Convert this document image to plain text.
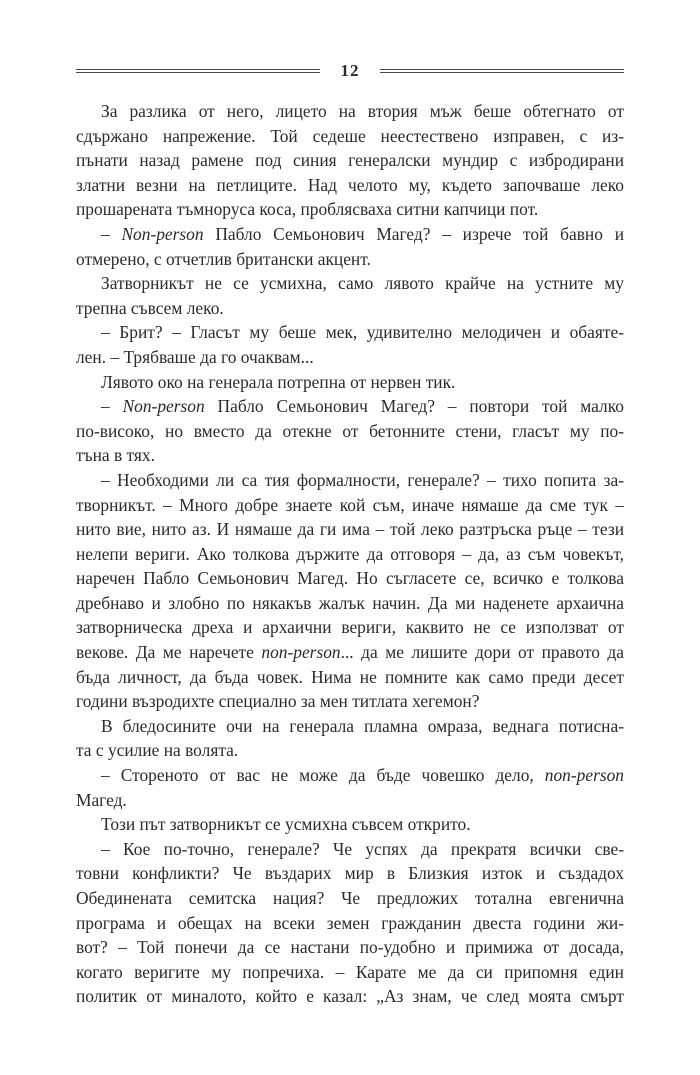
12
За разлика от него, лицето на втория мъж беше обтегнато от
сдържано напрежение. Той седеше неестествено изправен, с из-
пънати назад рамене под синия генералски мундир с избродирани
златни везни на петлиците. Над челото му, където започваше леко
прошарената тъмноруса коса, проблясваха ситни капчици пот.
– Non-person Пабло Семьонович Магед? – изрече той бавно и
отмерено, с отчетлив британски акцент.
Затворникът не се усмихна, само лявото крайче на устните му
трепна съвсем леко.
– Брит? – Гласът му беше мек, удивително мелодичен и обаяте-
лен. – Трябваше да го очаквам...
Лявото око на генерала потрепна от нервен тик.
– Non-person Пабло Семьонович Магед? – повтори той малко
по-високо, но вместо да отекне от бетонните стени, гласът му по-
тъна в тях.
– Необходими ли са тия формалности, генерале? – тихо попита за-
творникът. – Много добре знаете кой съм, иначе нямаше да сме тук –
нито вие, нито аз. И нямаше да ги има – той леко разтръска ръце – тези
нелепи вериги. Ако толкова държите да отговоря – да, аз съм човекът,
наречен Пабло Семьонович Магед. Но съгласете се, всичко е толкова
дребнаво и злобно по някакъв жалък начин. Да ми наденете архаична
затворническа дреха и архаични вериги, каквито не се използват от
векове. Да ме наречете non-person... да ме лишите дори от правото да
бъда личност, да бъда човек. Нима не помните как само преди десет
години възродихте специално за мен титлата хегемон?
В бледосините очи на генерала пламна омраза, веднага потисна-
та с усилие на волята.
– Стореното от вас не може да бъде човешко дело, non-person
Магед.
Този път затворникът се усмихна съвсем открито.
– Кое по-точно, генерале? Че успях да прекратя всички све-
товни конфликти? Че въздарих мир в Близкия изток и създадох
Обединената семитска нация? Че предложих тотална евгенична
програма и обещах на всеки земен гражданин двеста години жи-
вот? – Той понечи да се настани по-удобно и примижа от досада,
когато веригите му попречиха. – Карате ме да си припомня един
политик от миналото, който е казал: „Аз знам, че след моята смърт
